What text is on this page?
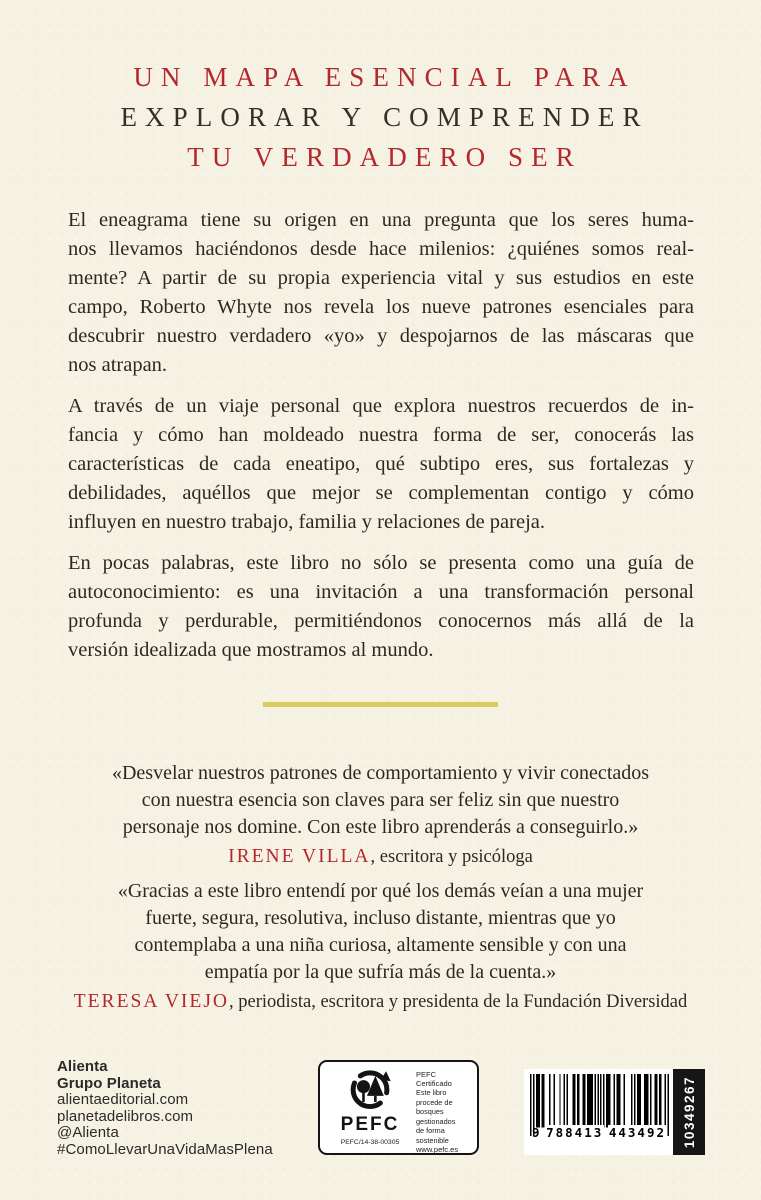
UN MAPA ESENCIAL PARA
EXPLORAR Y COMPRENDER
TU VERDADERO SER
El eneagrama tiene su origen en una pregunta que los seres huma-
nos llevamos haciéndonos desde hace milenios: ¿quiénes somos real-
mente? A partir de su propia experiencia vital y sus estudios en este
campo, Roberto Whyte nos revela los nueve patrones esenciales para
descubrir nuestro verdadero «yo» y despojarnos de las máscaras que
nos atrapan.
A través de un viaje personal que explora nuestros recuerdos de in-
fancia y cómo han moldeado nuestra forma de ser, conocerás las
características de cada eneatipo, qué subtipo eres, sus fortalezas y
debilidades, aquéllos que mejor se complementan contigo y cómo
influyen en nuestro trabajo, familia y relaciones de pareja.
En pocas palabras, este libro no sólo se presenta como una guía de
autoconocimiento: es una invitación a una transformación personal
profunda y perdurable, permitiéndonos conocernos más allá de la
versión idealizada que mostramos al mundo.
«Desvelar nuestros patrones de comportamiento y vivir conectados
con nuestra esencia son claves para ser feliz sin que nuestro
personaje nos domine. Con este libro aprenderás a conseguirlo.»
IRENE VILLA, escritora y psicóloga
«Gracias a este libro entendí por qué los demás veían a una mujer
fuerte, segura, resolutiva, incluso distante, mientras que yo
contemplaba a una niña curiosa, altamente sensible y con una
empatía por la que sufría más de la cuenta.»
TERESA VIEJO, periodista, escritora y presidenta de la Fundación Diversidad
Alienta
Grupo Planeta
alientaeditorial.com
planetadelibros.com
@Alienta
#ComoLlevarUnaVidaMasPlena
PEFC
PEFC/14-38-00305
PEFC Certificado
Este libro procede de
bosques gestionados
de forma sostenible
www.pefc.es
9 788413 443492 10349267
